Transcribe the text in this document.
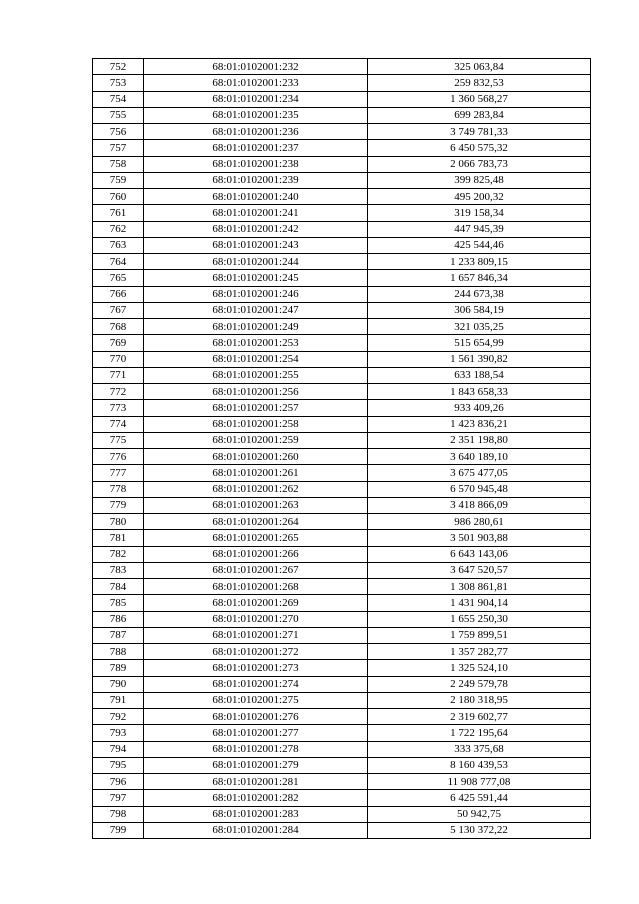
752	68:01:0102001:232	325 063,84
753	68:01:0102001:233	259 832,53
754	68:01:0102001:234	1 360 568,27
755	68:01:0102001:235	699 283,84
756	68:01:0102001:236	3 749 781,33
757	68:01:0102001:237	6 450 575,32
758	68:01:0102001:238	2 066 783,73
759	68:01:0102001:239	399 825,48
760	68:01:0102001:240	495 200,32
761	68:01:0102001:241	319 158,34
762	68:01:0102001:242	447 945,39
763	68:01:0102001:243	425 544,46
764	68:01:0102001:244	1 233 809,15
765	68:01:0102001:245	1 657 846,34
766	68:01:0102001:246	244 673,38
767	68:01:0102001:247	306 584,19
768	68:01:0102001:249	321 035,25
769	68:01:0102001:253	515 654,99
770	68:01:0102001:254	1 561 390,82
771	68:01:0102001:255	633 188,54
772	68:01:0102001:256	1 843 658,33
773	68:01:0102001:257	933 409,26
774	68:01:0102001:258	1 423 836,21
775	68:01:0102001:259	2 351 198,80
776	68:01:0102001:260	3 640 189,10
777	68:01:0102001:261	3 675 477,05
778	68:01:0102001:262	6 570 945,48
779	68:01:0102001:263	3 418 866,09
780	68:01:0102001:264	986 280,61
781	68:01:0102001:265	3 501 903,88
782	68:01:0102001:266	6 643 143,06
783	68:01:0102001:267	3 647 520,57
784	68:01:0102001:268	1 308 861,81
785	68:01:0102001:269	1 431 904,14
786	68:01:0102001:270	1 655 250,30
787	68:01:0102001:271	1 759 899,51
788	68:01:0102001:272	1 357 282,77
789	68:01:0102001:273	1 325 524,10
790	68:01:0102001:274	2 249 579,78
791	68:01:0102001:275	2 180 318,95
792	68:01:0102001:276	2 319 602,77
793	68:01:0102001:277	1 722 195,64
794	68:01:0102001:278	333 375,68
795	68:01:0102001:279	8 160 439,53
796	68:01:0102001:281	11 908 777,08
797	68:01:0102001:282	6 425 591,44
798	68:01:0102001:283	50 942,75
799	68:01:0102001:284	5 130 372,22
